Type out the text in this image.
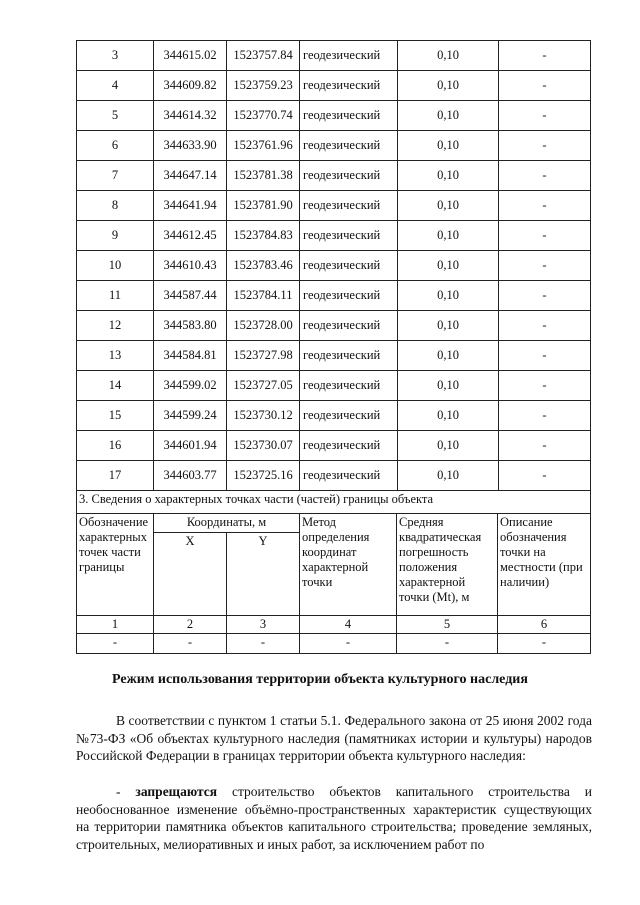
3	344615.02	1523757.84	геодезический	0,10	-
4	344609.82	1523759.23	геодезический	0,10	-
5	344614.32	1523770.74	геодезический	0,10	-
6	344633.90	1523761.96	геодезический	0,10	-
7	344647.14	1523781.38	геодезический	0,10	-
8	344641.94	1523781.90	геодезический	0,10	-
9	344612.45	1523784.83	геодезический	0,10	-
10	344610.43	1523783.46	геодезический	0,10	-
11	344587.44	1523784.11	геодезический	0,10	-
12	344583.80	1523728.00	геодезический	0,10	-
13	344584.81	1523727.98	геодезический	0,10	-
14	344599.02	1523727.05	геодезический	0,10	-
15	344599.24	1523730.12	геодезический	0,10	-
16	344601.94	1523730.07	геодезический	0,10	-
17	344603.77	1523725.16	геодезический	0,10	-
3. Сведения о характерных точках части (частей) границы объекта					
Обозначение характерных точек части границы	Координаты, м		Метод определения координат характерной точки	Средняя квадратическая погрешность положения характерной точки (Mt), м	Описание обозначения точки на местности (при наличии)
	X	Y			
1	2	3	4	5	6
-	-	-	-	-	-
Режим использования территории объекта культурного наследия
В соответствии с пунктом 1 статьи 5.1. Федерального закона от 25 июня 2002 года №73-ФЗ «Об объектах культурного наследия (памятниках истории и культуры) народов Российской Федерации в границах территории объекта культурного наследия:
- запрещаются строительство объектов капитального строительства и необоснованное изменение объёмно-пространственных характеристик существующих на территории памятника объектов капитального строительства; проведение земляных, строительных, мелиоративных и иных работ, за исключением работ по
